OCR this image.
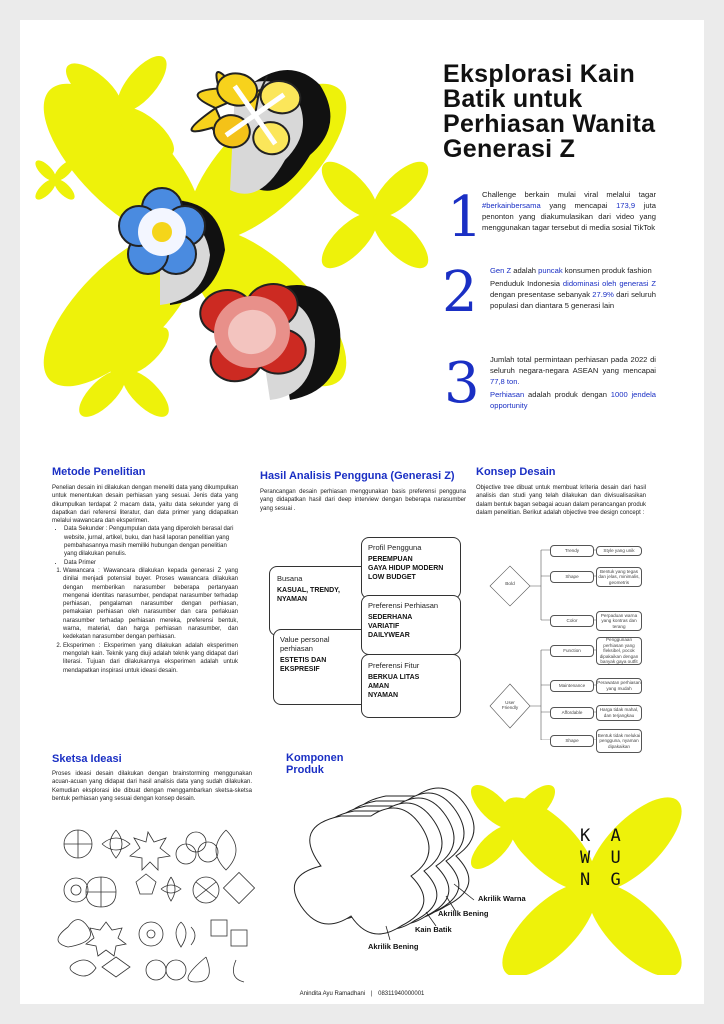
Eksplorasi Kain Batik untuk Perhiasan Wanita Generasi Z
1 Challenge berkain mulai viral melalui tagar #berkainbersama yang mencapai 173,9 juta penonton yang diakumulasikan dari video yang menggunakan tagar tersebut di media sosial TikTok
2 Gen Z adalah puncak konsumen produk fashion
Penduduk Indonesia didominasi oleh generasi Z dengan presentase sebanyak 27.9% dari seluruh populasi dan diantara 5 generasi lain
3 Jumlah total permintaan perhiasan pada 2022 di seluruh negara-negara ASEAN yang mencapai 77,8 ton.
Perhiasan adalah produk dengan 1000 jendela opportunity
Metode Penelitian

Penelian desain ini dilakukan dengan meneliti data yang dikumpulkan untuk menentukan desain perhiasan yang sesuai. Jenis data yang dikumpulkan terdapat 2 macam data, yaitu data sekunder yang di dapatkan dari referensi literatur, dan data primer yang didapatkan melalui wawancara dan eksperimen.

• Data Sekunder : Pengumpulan data yang diperoleh berasal dari website, jurnal, artikel, buku, dan hasil laporan penelitian yang pembahasannya masih memiliki hubungan dengan penelitian yang dilakukan penulis.
• Data Primer
1. Wawancara : Wawancara dilakukan kepada generasi Z yang dinilai menjadi potensial buyer. Proses wawancara dilakukan dengan memberikan narasumber beberapa pertanyaan mengenai identitas narasumber, pendapat narasumber terhadap perhiasan, pengalaman narasumber dengan perhiasan, pemakaian perhiasan oleh narasumber dan cara perlakuan narasumber terhadap perhiasan mereka, preferensi bentuk, warna, material, dan harga perhiasan narasumber, dan kedekatan narasumber dengan perhiasan.
2. Eksperimen : Eksperimen yang dilakukan adalah eksperimen mengolah kain. Teknik yang diuji adalah teknik yang didapat dari literasi. Tujuan dari dilakukannya eksperimen adalah untuk mendapatkan inspirasi untuk ideasi desain.
Hasil Analisis Pengguna (Generasi Z)

Perancangan desain perhiasan menggunakan basis preferensi pengguna yang didapatkan hasil dari deep interview dengan beberapa narasumber yang sesuai .

Busana
KASUAL, TRENDY,
NYAMAN
Value personal perhiasan
ESTETIS DAN
EKSPRESIF
Profil Pengguna
PEREMPUAN
GAYA HIDUP MODERN
LOW BUDGET
Preferensi Perhiasan
SEDERHANA
VARIATIF
DAILYWEAR
Preferensi Fitur
BERKUA LITAS
AMAN
NYAMAN
Konsep Desain

Objective tree dibuat untuk membuat kriteria desain dari hasil analisis dan studi yang telah dilakukan dan divisualisasikan dalam bentuk bagan sebagai acuan dalam perancangan produk dalam penelitian. Berikut adalah objective tree design concept :

Bold
User Friendly
Sketsa Ideasi

Proses ideasi desain dilakukan dengan brainstorming menggunakan acuan-acuan yang didapat dari hasil analisis data yang sudah dilakukan. Kemudian eksplorasi ide dibuat dengan menggambarkan sketsa-sketsa bentuk perhiasan yang sesuai dengan konsep desain.

Komponen Produk
Akrilik Warna
Akrilik Bening
Kain Batik
Akrilik Bening
K A
W U
N G
Anindita Ayu Ramadhani | 08311940000001
Trendy
Shape
Color
Function
Maintenance
Affordable
Shape
Style yang unik
Bentuk yang tegas dan jelas, minimalis, geometris
Perpaduan warna yang kontras dan terang
Penggunaan perhiasan yang fleksibel, pocok dipakaikan dengan banyak gaya outfit
Perawatan perhiasan yang mudah
Harga tidak mahal, dan terjangkau
Bentuk tidak melukai pengguna, nyaman dipakaikan
